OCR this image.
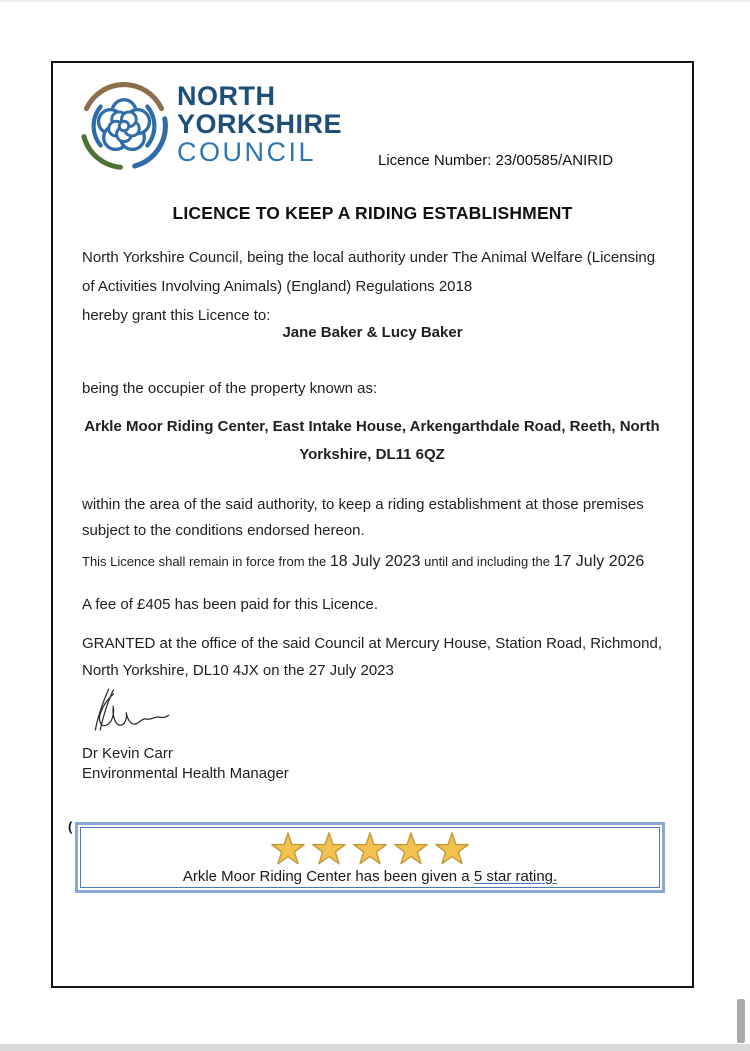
NORTH
YORKSHIRE
COUNCIL	Licence Number: 23/00585/ANIRID
LICENCE TO KEEP A RIDING ESTABLISHMENT
North Yorkshire Council, being the local authority under The Animal Welfare (Licensing
of Activities Involving Animals) (England) Regulations 2018
hereby grant this Licence to:
Jane Baker & Lucy Baker
being the occupier of the property known as:
Arkle Moor Riding Center, East Intake House, Arkengarthdale Road, Reeth, North
Yorkshire, DL11 6QZ
within the area of the said authority, to keep a riding establishment at those premises
subject to the conditions endorsed hereon.
This Licence shall remain in force from the 18 July 2023 until and including the 17 July 2026
A fee of £405 has been paid for this Licence.
GRANTED at the office of the said Council at Mercury House, Station Road, Richmond,
North Yorkshire, DL10 4JX on the 27 July 2023
Dr Kevin Carr
Environmental Health Manager
(
Arkle Moor Riding Center has been given a 5 star rating.
